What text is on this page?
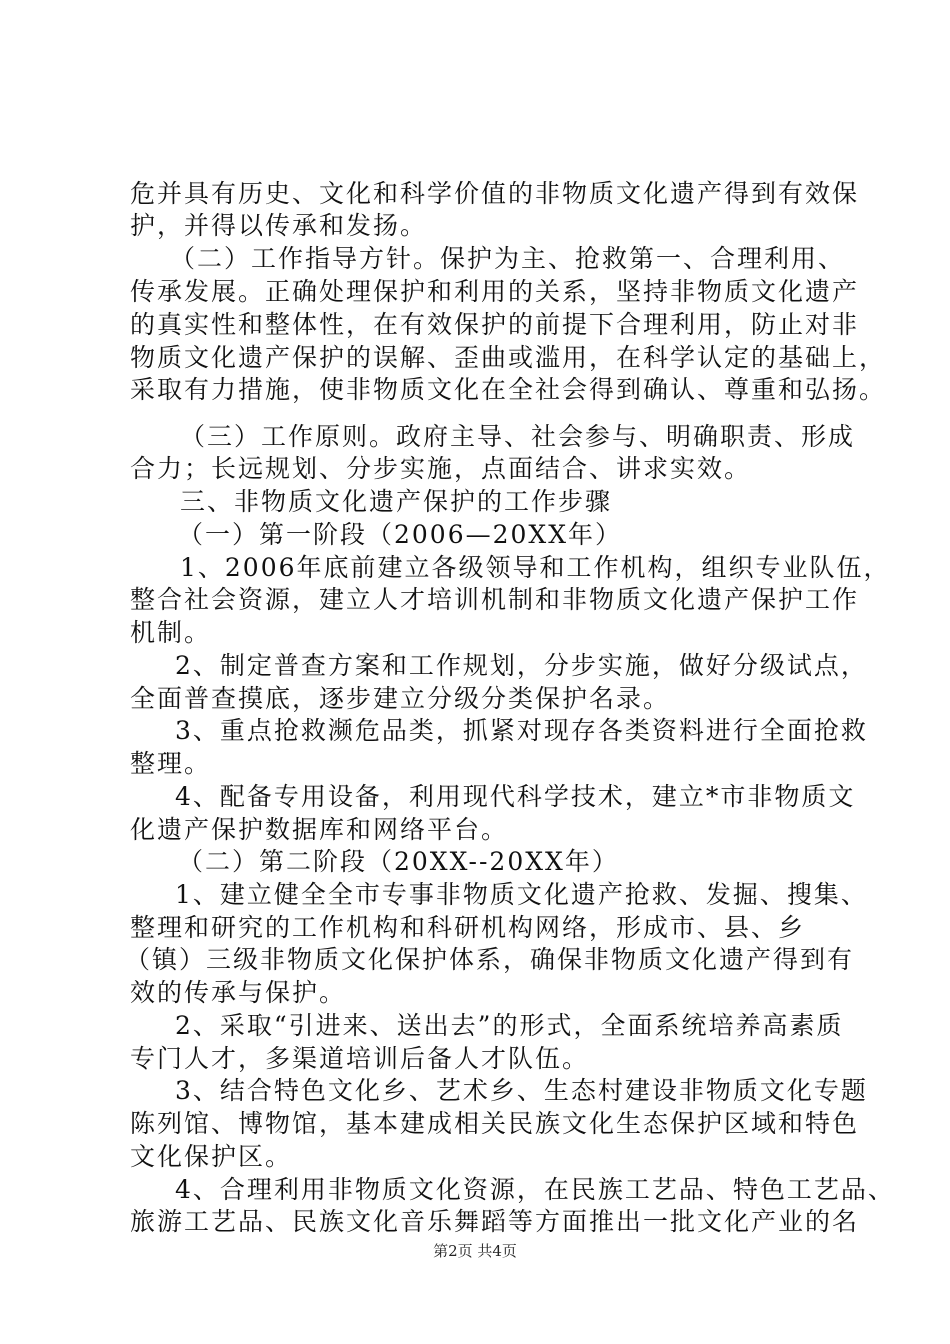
危并具有历史、文化和科学价值的非物质文化遗产得到有效保
护，并得以传承和发扬。
（二）工作指导方针。保护为主、抢救第一、合理利用、
传承发展。正确处理保护和利用的关系，坚持非物质文化遗产
的真实性和整体性，在有效保护的前提下合理利用，防止对非
物质文化遗产保护的误解、歪曲或滥用，在科学认定的基础上，
采取有力措施，使非物质文化在全社会得到确认、尊重和弘扬。
（三）工作原则。政府主导、社会参与、明确职责、形成
合力；长远规划、分步实施，点面结合、讲求实效。
三、非物质文化遗产保护的工作步骤
（一）第一阶段（2006—20XX年）
1、2006年底前建立各级领导和工作机构，组织专业队伍，
整合社会资源，建立人才培训机制和非物质文化遗产保护工作
机制。
2、制定普查方案和工作规划，分步实施，做好分级试点，
全面普查摸底，逐步建立分级分类保护名录。
3、重点抢救濒危品类，抓紧对现存各类资料进行全面抢救
整理。
4、配备专用设备，利用现代科学技术，建立*市非物质文
化遗产保护数据库和网络平台。
（二）第二阶段（20XX--20XX年）
1、建立健全全市专事非物质文化遗产抢救、发掘、搜集、
整理和研究的工作机构和科研机构网络，形成市、县、乡
（镇）三级非物质文化保护体系，确保非物质文化遗产得到有
效的传承与保护。
2、采取“引进来、送出去”的形式，全面系统培养高素质
专门人才，多渠道培训后备人才队伍。
3、结合特色文化乡、艺术乡、生态村建设非物质文化专题
陈列馆、博物馆，基本建成相关民族文化生态保护区域和特色
文化保护区。
4、合理利用非物质文化资源，在民族工艺品、特色工艺品、
旅游工艺品、民族文化音乐舞蹈等方面推出一批文化产业的名
第2页 共4页
